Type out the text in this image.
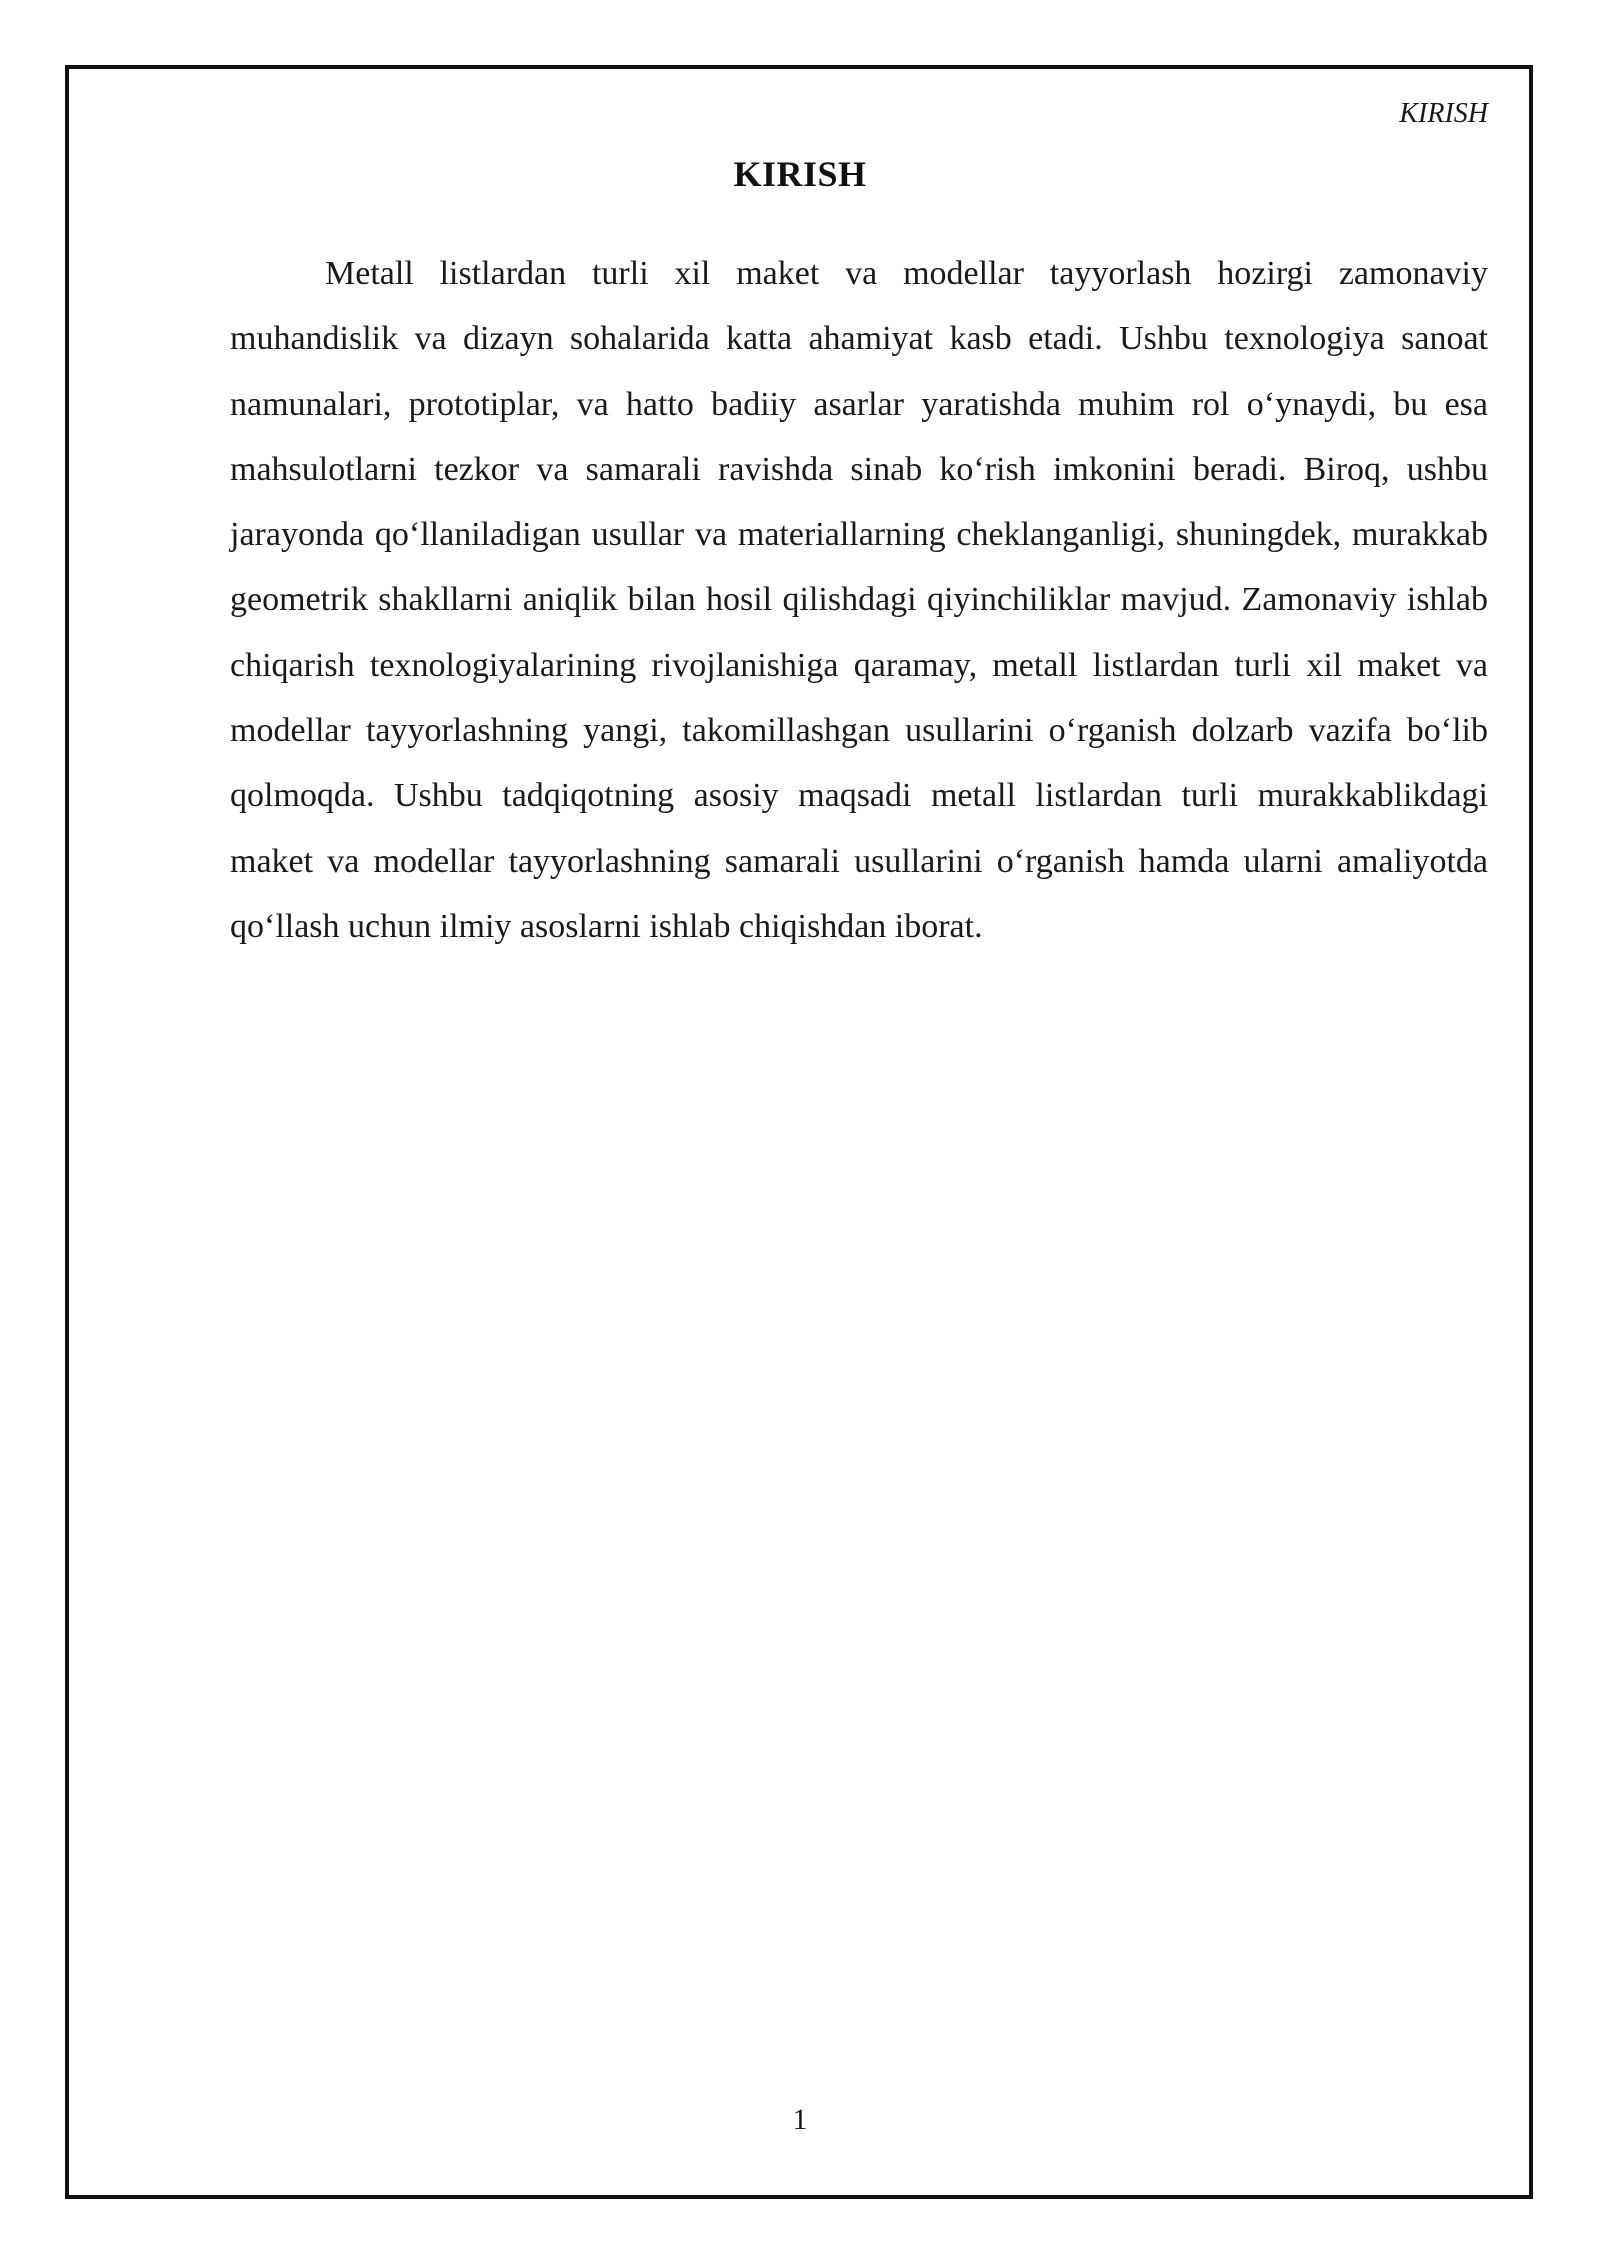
KIRISH
KIRISH

Metall listlardan turli xil maket va modellar tayyorlash hozirgi zamonaviy muhandislik va dizayn sohalarida katta ahamiyat kasb etadi. Ushbu texnologiya sanoat namunalari, prototiplar, va hatto badiiy asarlar yaratishda muhim rol o‘ynaydi, bu esa mahsulotlarni tezkor va samarali ravishda sinab ko‘rish imkonini beradi. Biroq, ushbu jarayonda qo‘llaniladigan usullar va materiallarning cheklanganligi, shuningdek, murakkab geometrik shakllarni aniqlik bilan hosil qilishdagi qiyinchiliklar mavjud. Zamonaviy ishlab chiqarish texnologiyalarining rivojlanishiga qaramay, metall listlardan turli xil maket va modellar tayyorlashning yangi, takomillashgan usullarini o‘rganish dolzarb vazifa bo‘lib qolmoqda. Ushbu tadqiqotning asosiy maqsadi metall listlardan turli murakkablikdagi maket va modellar tayyorlashning samarali usullarini o‘rganish hamda ularni amaliyotda qo‘llash uchun ilmiy asoslarni ishlab chiqishdan iborat.

1
